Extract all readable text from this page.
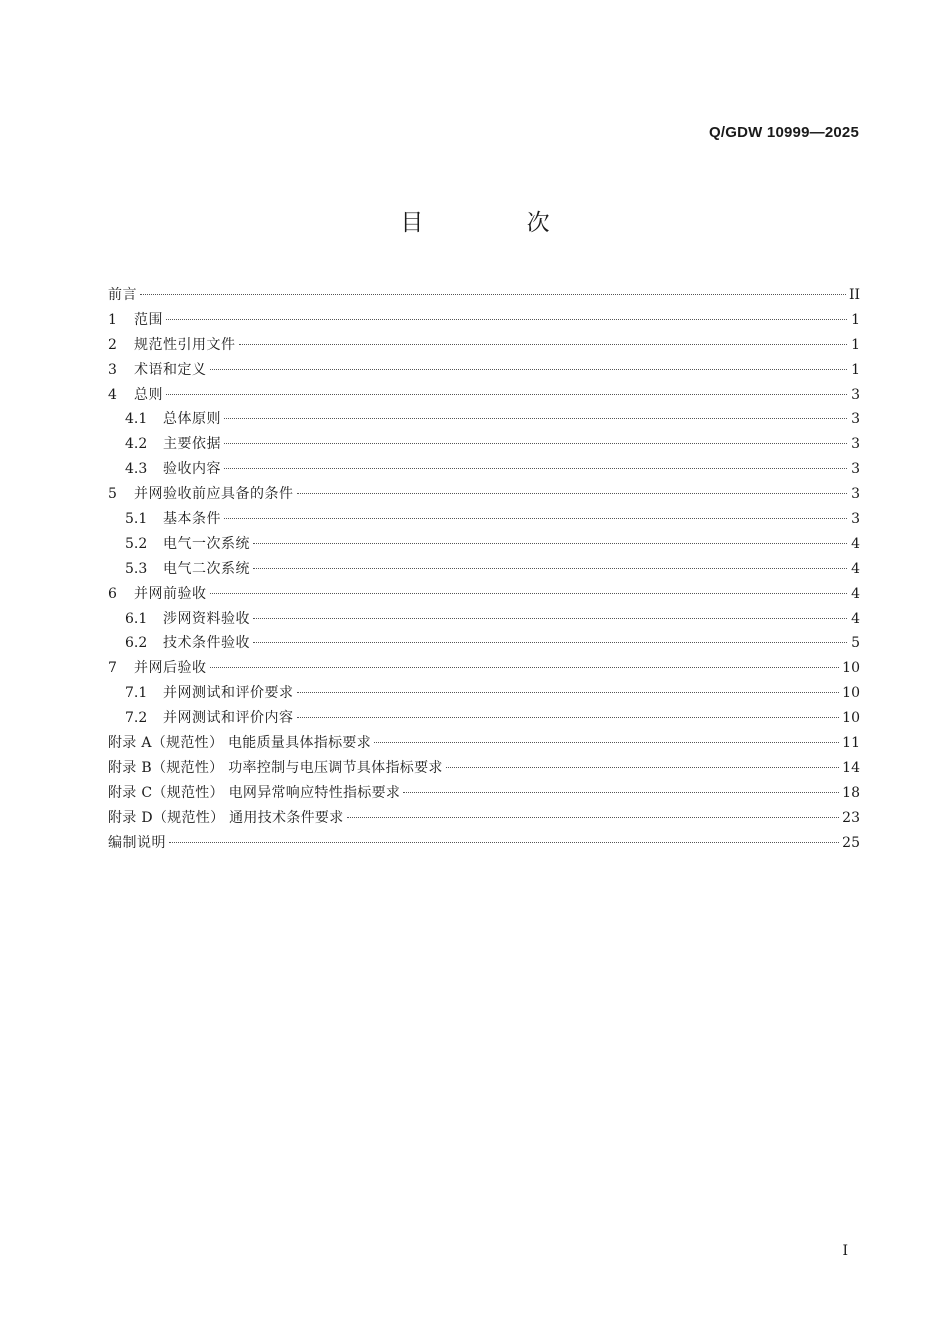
Q/GDW 10999—2025
目 次
前言	II
1	范围	1
2	规范性引用文件	1
3	术语和定义	1
4	总则	3
4.1	总体原则	3
4.2	主要依据	3
4.3	验收内容	3
5	并网验收前应具备的条件	3
5.1	基本条件	3
5.2	电气一次系统	4
5.3	电气二次系统	4
6	并网前验收	4
6.1	涉网资料验收	4
6.2	技术条件验收	5
7	并网后验收	10
7.1	并网测试和评价要求	10
7.2	并网测试和评价内容	10
附录 A（规范性） 电能质量具体指标要求	11
附录 B（规范性） 功率控制与电压调节具体指标要求	14
附录 C（规范性） 电网异常响应特性指标要求	18
附录 D（规范性） 通用技术条件要求	23
编制说明	25
I
